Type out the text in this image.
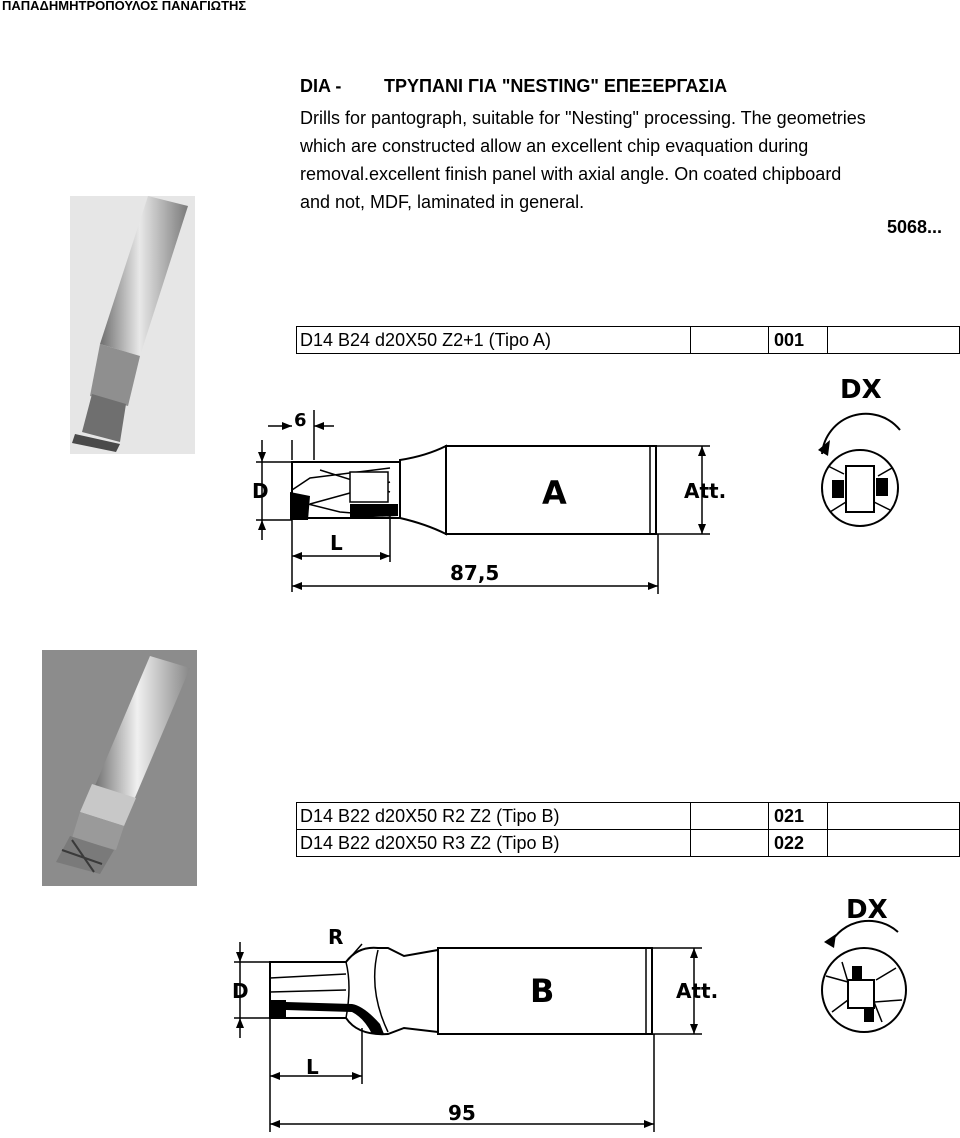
ΠΑΠΑΔΗΜΗΤΡΟΠΟΥΛΟΣ ΠΑΝΑΓΙΩΤΗΣ
DIA - ΤΡΥΠΑΝΙ ΓΙΑ "NESTING" ΕΠΕΞΕΡΓΑΣΙΑ

Drills for pantograph, suitable for "Nesting" processing. The geometries

which are constructed allow an excellent chip evaquation during

removal.excellent finish panel with axial angle. On coated chipboard

and not, MDF, laminated in general.

5068...
D14 B24 d20X50 Z2+1 (Tipo A)		001	
6
D
L
87,5
A	Att.
DX
D14 B22 d20X50 R2 Z2 (Tipo B)		021	
D14 B22 d20X50 R3 Z2 (Tipo B)		022	
R
D
L
95
B	Att.
DX
